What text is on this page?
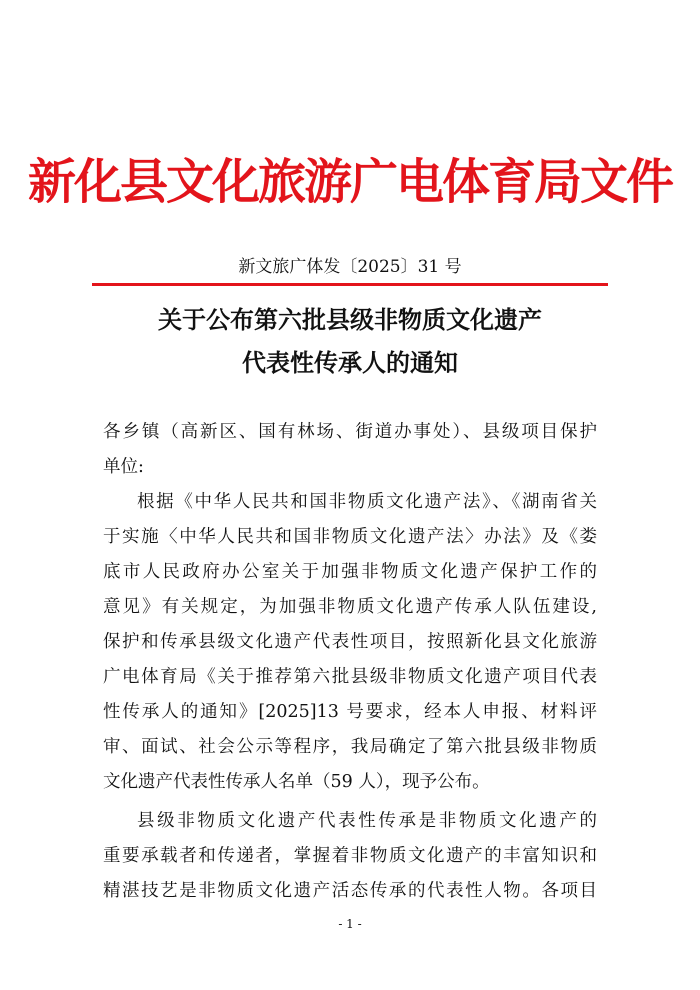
新化县文化旅游广电体育局文件
新文旅广体发〔2025〕31 号
关于公布第六批县级非物质文化遗产
代表性传承人的通知
各乡镇（高新区、国有林场、街道办事处）、县级项目保护
单位:
根据《中华人民共和国非物质文化遗产法》、《湖南省关
于实施〈中华人民共和国非物质文化遗产法〉办法》及《娄
底市人民政府办公室关于加强非物质文化遗产保护工作的
意见》有关规定，为加强非物质文化遗产传承人队伍建设,
保护和传承县级文化遗产代表性项目，按照新化县文化旅游
广电体育局《关于推荐第六批县级非物质文化遗产项目代表
性传承人的通知》[2025]13 号要求，经本人申报、材料评
审、面试、社会公示等程序，我局确定了第六批县级非物质
文化遗产代表性传承人名单（59 人），现予公布。
县级非物质文化遗产代表性传承是非物质文化遗产的
重要承载者和传递者，掌握着非物质文化遗产的丰富知识和
精湛技艺是非物质文化遗产活态传承的代表性人物。各项目
- 1 -
